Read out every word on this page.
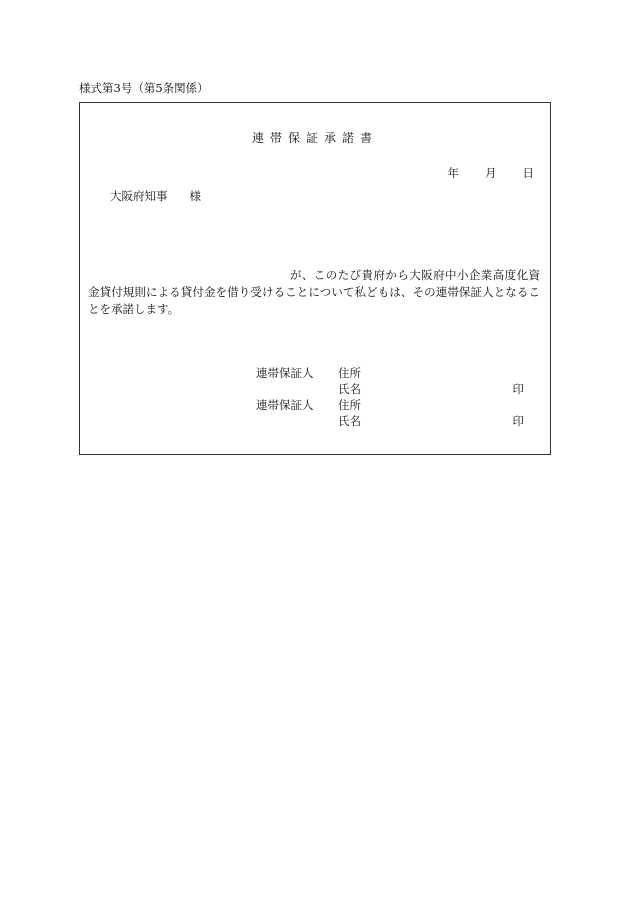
様式第3号（第5条関係）
連帯保証承諾書
年 月 日
大阪府知事 様
が、このたび貴府から大阪府中小企業高度化資金貸付規則による貸付金を借り受けることについて私どもは、その連帯保証人となることを承諾します。
連帯保証人 住所
氏名	印
連帯保証人 住所
氏名	印
